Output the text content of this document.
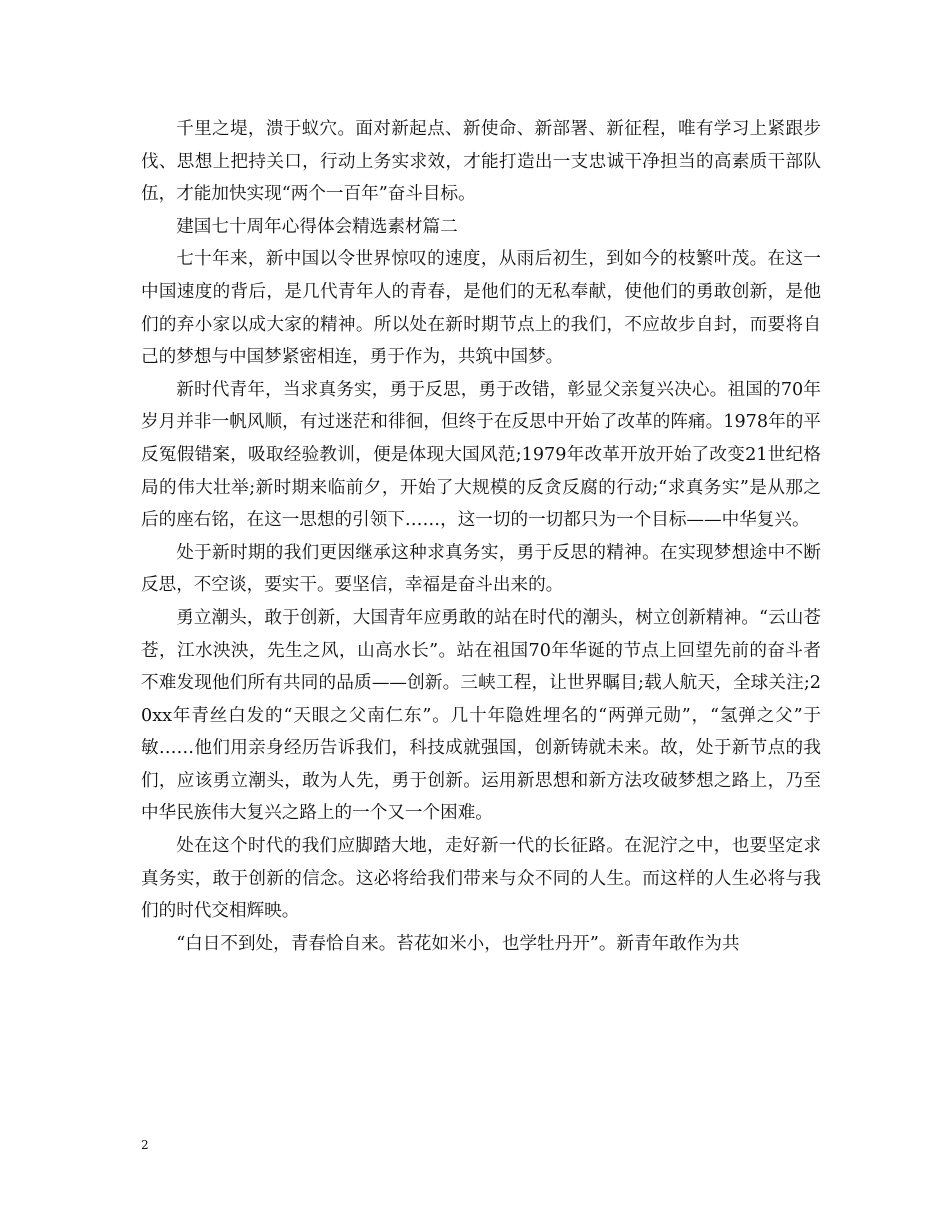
千里之堤，溃于蚁穴。面对新起点、新使命、新部署、新征程，唯有学习上紧跟步伐、思想上把持关口，行动上务实求效，才能打造出一支忠诚干净担当的高素质干部队伍，才能加快实现“两个一百年”奋斗目标。

建国七十周年心得体会精选素材篇二

七十年来，新中国以令世界惊叹的速度，从雨后初生，到如今的枝繁叶茂。在这一中国速度的背后，是几代青年人的青春，是他们的无私奉献，使他们的勇敢创新，是他们的弃小家以成大家的精神。所以处在新时期节点上的我们，不应故步自封，而要将自己的梦想与中国梦紧密相连，勇于作为，共筑中国梦。

新时代青年，当求真务实，勇于反思，勇于改错，彰显父亲复兴决心。祖国的70年岁月并非一帆风顺，有过迷茫和徘徊，但终于在反思中开始了改革的阵痛。1978年的平反冤假错案，吸取经验教训，便是体现大国风范;1979年改革开放开始了改变21世纪格局的伟大壮举;新时期来临前夕，开始了大规模的反贪反腐的行动;“求真务实”是从那之后的座右铭，在这一思想的引领下……，这一切的一切都只为一个目标——中华复兴。

处于新时期的我们更因继承这种求真务实，勇于反思的精神。在实现梦想途中不断反思，不空谈，要实干。要坚信，幸福是奋斗出来的。

勇立潮头，敢于创新，大国青年应勇敢的站在时代的潮头，树立创新精神。“云山苍苍，江水泱泱，先生之风，山高水长”。站在祖国70年华诞的节点上回望先前的奋斗者不难发现他们所有共同的品质——创新。三峡工程，让世界瞩目;载人航天，全球关注;20xx年青丝白发的“天眼之父南仁东”。几十年隐姓埋名的“两弹元勋”，“氢弹之父”于敏……他们用亲身经历告诉我们，科技成就强国，创新铸就未来。故，处于新节点的我们，应该勇立潮头，敢为人先，勇于创新。运用新思想和新方法攻破梦想之路上，乃至中华民族伟大复兴之路上的一个又一个困难。

处在这个时代的我们应脚踏大地，走好新一代的长征路。在泥泞之中，也要坚定求真务实，敢于创新的信念。这必将给我们带来与众不同的人生。而这样的人生必将与我们的时代交相辉映。

“白日不到处，青春恰自来。苔花如米小，也学牡丹开”。新青年敢作为共

2
